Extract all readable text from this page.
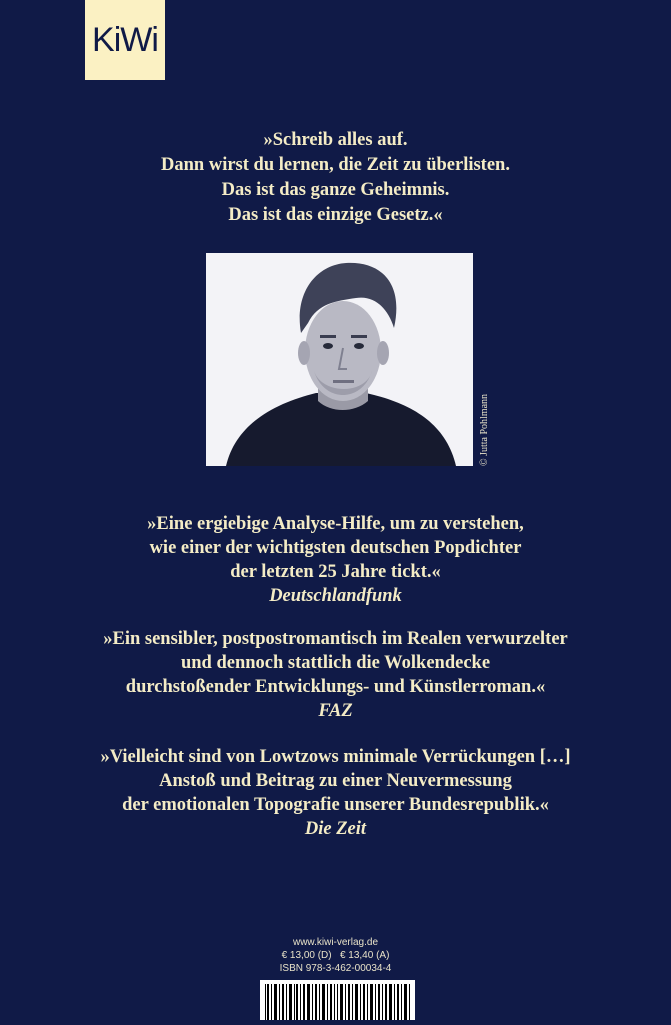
KiWi
»Schreib alles auf.
Dann wirst du lernen, die Zeit zu überlisten.
Das ist das ganze Geheimnis.
Das ist das einzige Gesetz.«
© Jutta Pohlmann
»Eine ergiebige Analyse-Hilfe, um zu verstehen,
wie einer der wichtigsten deutschen Popdichter
der letzten 25 Jahre tickt.«
Deutschlandfunk
»Ein sensibler, postpostromantisch im Realen verwurzelter
und dennoch stattlich die Wolkendecke
durchstoßender Entwicklungs- und Künstlerroman.«
FAZ
»Vielleicht sind von Lowtzows minimale Verrückungen […]
Anstoß und Beitrag zu einer Neuvermessung
der emotionalen Topografie unserer Bundesrepublik.«
Die Zeit
www.kiwi-verlag.de
€ 13,00 (D)   € 13,40 (A)
ISBN 978-3-462-00034-4
